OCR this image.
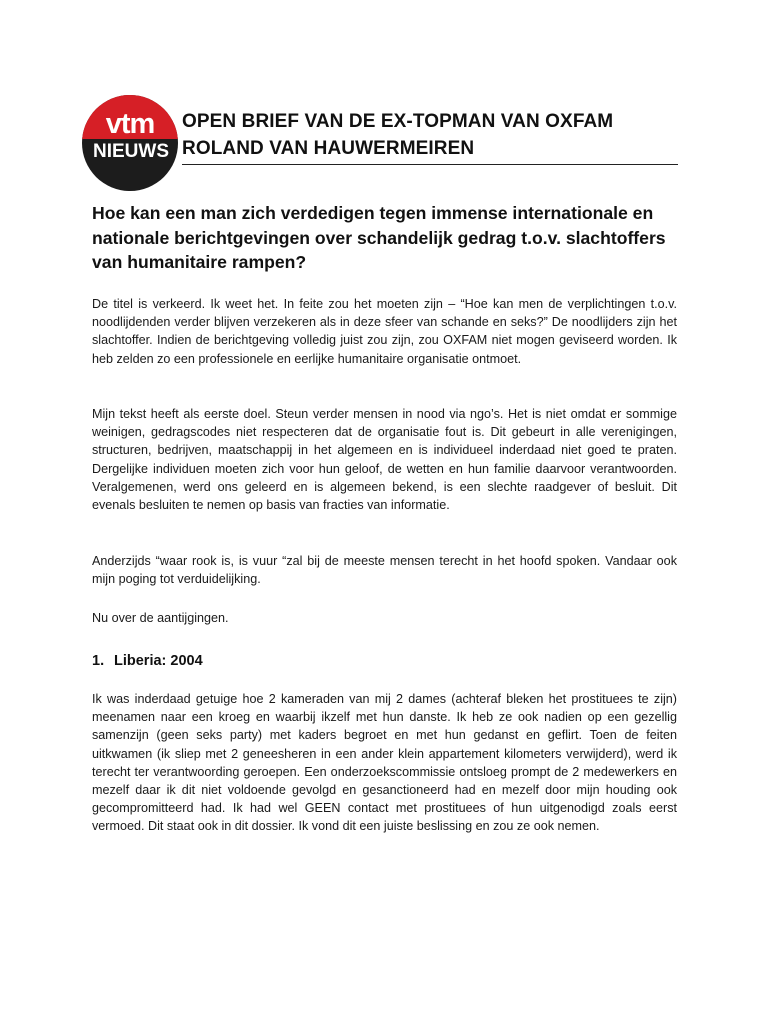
vtm
NIEUWS
OPEN BRIEF VAN DE EX-TOPMAN VAN OXFAM
ROLAND VAN HAUWERMEIREN
Hoe kan een man zich verdedigen tegen immense internationale en nationale berichtgevingen over schandelijk gedrag t.o.v. slachtoffers van humanitaire rampen?

De titel is verkeerd. Ik weet het. In feite zou het moeten zijn – “Hoe kan men de verplichtingen t.o.v. noodlijdenden verder blijven verzekeren als in deze sfeer van schande en seks?” De noodlijders zijn het slachtoffer. Indien de berichtgeving volledig juist zou zijn, zou OXFAM niet mogen geviseerd worden. Ik heb zelden zo een professionele en eerlijke humanitaire organisatie ontmoet.

Mijn tekst heeft als eerste doel. Steun verder mensen in nood via ngo’s. Het is niet omdat er sommige weinigen, gedragscodes niet respecteren dat de organisatie fout is. Dit gebeurt in alle verenigingen, structuren, bedrijven, maatschappij in het algemeen en is individueel inderdaad niet goed te praten. Dergelijke individuen moeten zich voor hun geloof, de wetten en hun familie daarvoor verantwoorden. Veralgemenen, werd ons geleerd en is algemeen bekend, is een slechte raadgever of besluit. Dit evenals besluiten te nemen op basis van fracties van informatie.

Anderzijds “waar rook is, is vuur “zal bij de meeste mensen terecht in het hoofd spoken. Vandaar ook mijn poging tot verduidelijking.

Nu over de aantijgingen.

1. Liberia: 2004

Ik was inderdaad getuige hoe 2 kameraden van mij 2 dames (achteraf bleken het prostituees te zijn) meenamen naar een kroeg en waarbij ikzelf met hun danste. Ik heb ze ook nadien op een gezellig samenzijn (geen seks party) met kaders begroet en met hun gedanst en geflirt. Toen de feiten uitkwamen (ik sliep met 2 geneesheren in een ander klein appartement kilometers verwijderd), werd ik terecht ter verantwoording geroepen. Een onderzoekscommissie ontsloeg prompt de 2 medewerkers en mezelf daar ik dit niet voldoende gevolgd en gesanctioneerd had en mezelf door mijn houding ook gecompromitteerd had. Ik had wel GEEN contact met prostituees of hun uitgenodigd zoals eerst vermoed. Dit staat ook in dit dossier. Ik vond dit een juiste beslissing en zou ze ook nemen.
